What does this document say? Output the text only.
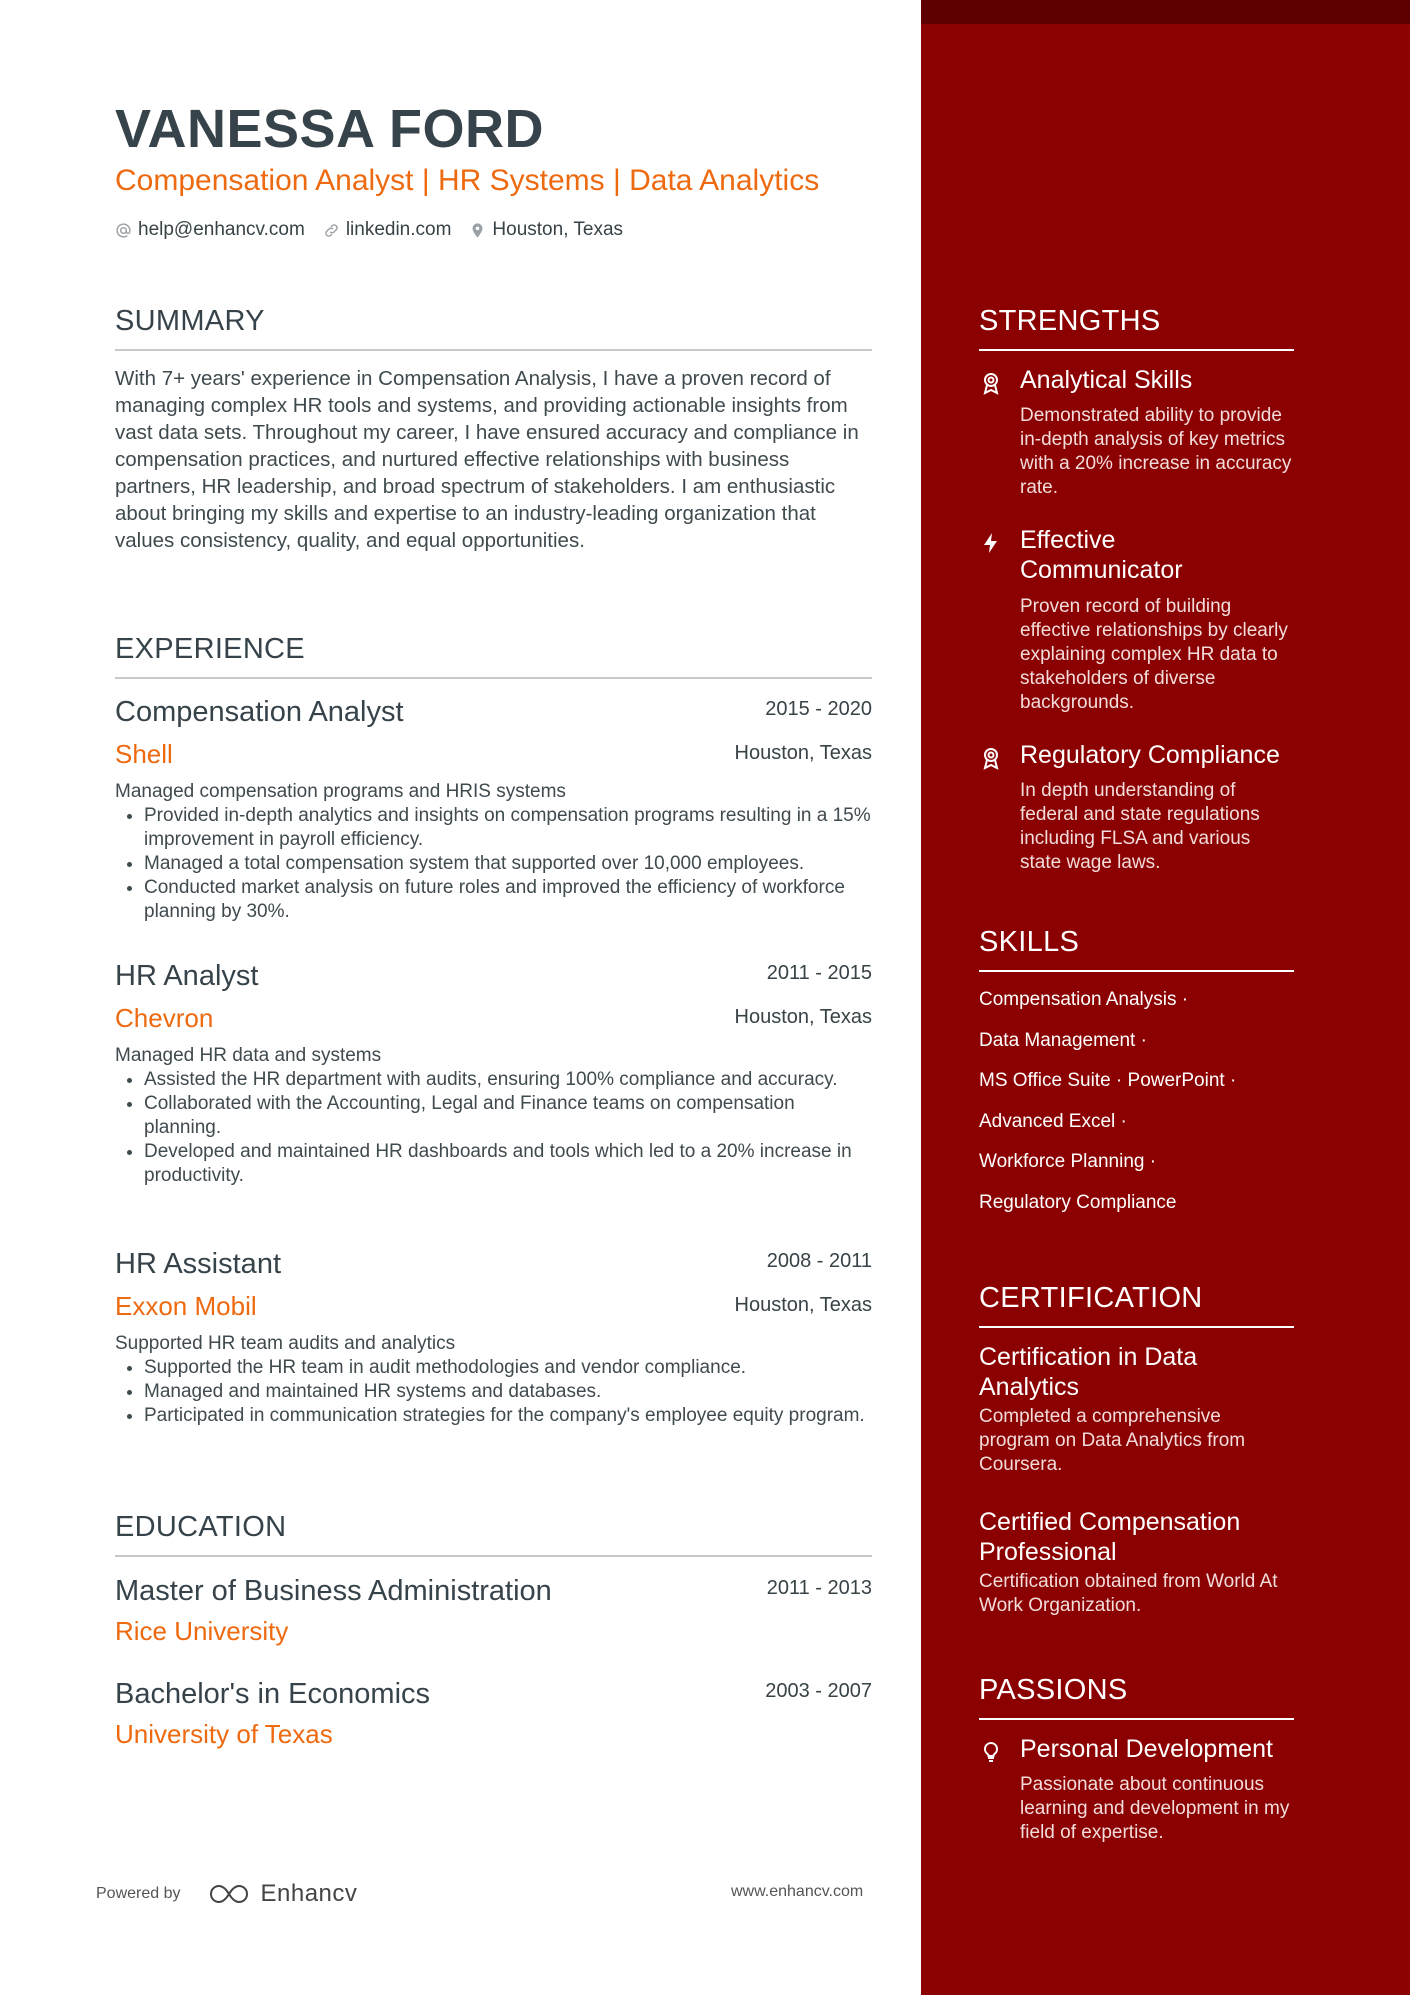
VANESSA FORD
Compensation Analyst | HR Systems | Data Analytics
help@enhancv.com linkedin.com Houston, Texas
SUMMARY

With 7+ years' experience in Compensation Analysis, I have a proven record of managing complex HR tools and systems, and providing actionable insights from vast data sets. Throughout my career, I have ensured accuracy and compliance in compensation practices, and nurtured effective relationships with business partners, HR leadership, and broad spectrum of stakeholders. I am enthusiastic about bringing my skills and expertise to an industry-leading organization that values consistency, quality, and equal opportunities.

EXPERIENCE
Compensation Analyst	2015 - 2020
Shell	Houston, Texas
Managed compensation programs and HRIS systems
• Provided in-depth analytics and insights on compensation programs resulting in a 15% improvement in payroll efficiency.
• Managed a total compensation system that supported over 10,000 employees.
• Conducted market analysis on future roles and improved the efficiency of workforce planning by 30%.
HR Analyst	2011 - 2015
Chevron	Houston, Texas
Managed HR data and systems
• Assisted the HR department with audits, ensuring 100% compliance and accuracy.
• Collaborated with the Accounting, Legal and Finance teams on compensation planning.
• Developed and maintained HR dashboards and tools which led to a 20% increase in productivity.
HR Assistant	2008 - 2011
Exxon Mobil	Houston, Texas
Supported HR team audits and analytics
• Supported the HR team in audit methodologies and vendor compliance.
• Managed and maintained HR systems and databases.
• Participated in communication strategies for the company's employee equity program.
EDUCATION
Master of Business Administration	2011 - 2013
Rice University
Bachelor's in Economics	2003 - 2007
University of Texas
Powered by	Enhancv	www.enhancv.com
STRENGTHS
Analytical Skills
Demonstrated ability to provide in-depth analysis of key metrics with a 20% increase in accuracy rate.
Effective Communicator
Proven record of building effective relationships by clearly explaining complex HR data to stakeholders of diverse backgrounds.
Regulatory Compliance
In depth understanding of federal and state regulations including FLSA and various state wage laws.
SKILLS
Compensation Analysis ·
Data Management ·
MS Office Suite · PowerPoint ·
Advanced Excel ·
Workforce Planning ·
Regulatory Compliance
CERTIFICATION
Certification in Data Analytics
Completed a comprehensive program on Data Analytics from Coursera.
Certified Compensation Professional
Certification obtained from World At Work Organization.
PASSIONS
Personal Development
Passionate about continuous learning and development in my field of expertise.
